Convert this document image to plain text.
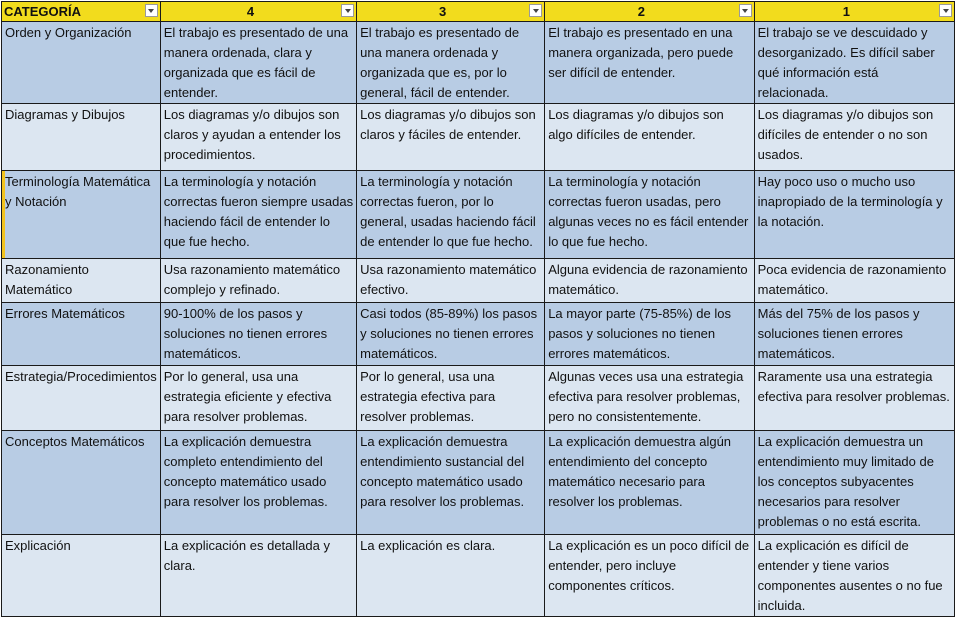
CATEGORÍA	4	3	2	1

Orden y Organización	El trabajo es presentado de una manera ordenada, clara y organizada que es fácil de entender.	El trabajo es presentado de una manera ordenada y organizada que es, por lo general, fácil de entender.	El trabajo es presentado en una manera organizada, pero puede ser difícil de entender.	El trabajo se ve descuidado y desorganizado. Es difícil saber qué información está relacionada.
Diagramas y Dibujos	Los diagramas y/o dibujos son claros y ayudan a entender los procedimientos.	Los diagramas y/o dibujos son claros y fáciles de entender.	Los diagramas y/o dibujos son algo difíciles de entender.	Los diagramas y/o dibujos son difíciles de entender o no son usados.
Terminología Matemática y Notación	La terminología y notación correctas fueron siempre usadas haciendo fácil de entender lo que fue hecho.	La terminología y notación correctas fueron, por lo general, usadas haciendo fácil de entender lo que fue hecho.	La terminología y notación correctas fueron usadas, pero algunas veces no es fácil entender lo que fue hecho.	Hay poco uso o mucho uso inapropiado de la terminología y la notación.
Razonamiento Matemático	Usa razonamiento matemático complejo y refinado.	Usa razonamiento matemático efectivo.	Alguna evidencia de razonamiento matemático.	Poca evidencia de razonamiento matemático.
Errores Matemáticos	90-100% de los pasos y soluciones no tienen errores matemáticos.	Casi todos (85-89%) los pasos y soluciones no tienen errores matemáticos.	La mayor parte (75-85%) de los pasos y soluciones no tienen errores matemáticos.	Más del 75% de los pasos y soluciones tienen errores matemáticos.
Estrategia/Procedimientos	Por lo general, usa una estrategia eficiente y efectiva para resolver problemas.	Por lo general, usa una estrategia efectiva para resolver problemas.	Algunas veces usa una estrategia efectiva para resolver problemas, pero no consistentemente.	Raramente usa una estrategia efectiva para resolver problemas.
Conceptos Matemáticos	La explicación demuestra completo entendimiento del concepto matemático usado para resolver los problemas.	La explicación demuestra entendimiento sustancial del concepto matemático usado para resolver los problemas.	La explicación demuestra algún entendimiento del concepto matemático necesario para resolver los problemas.	La explicación demuestra un entendimiento muy limitado de los conceptos subyacentes necesarios para resolver problemas o no está escrita.
Explicación	La explicación es detallada y clara.	La explicación es clara.	La explicación es un poco difícil de entender, pero incluye componentes críticos.	La explicación es difícil de entender y tiene varios componentes ausentes o no fue incluida.
